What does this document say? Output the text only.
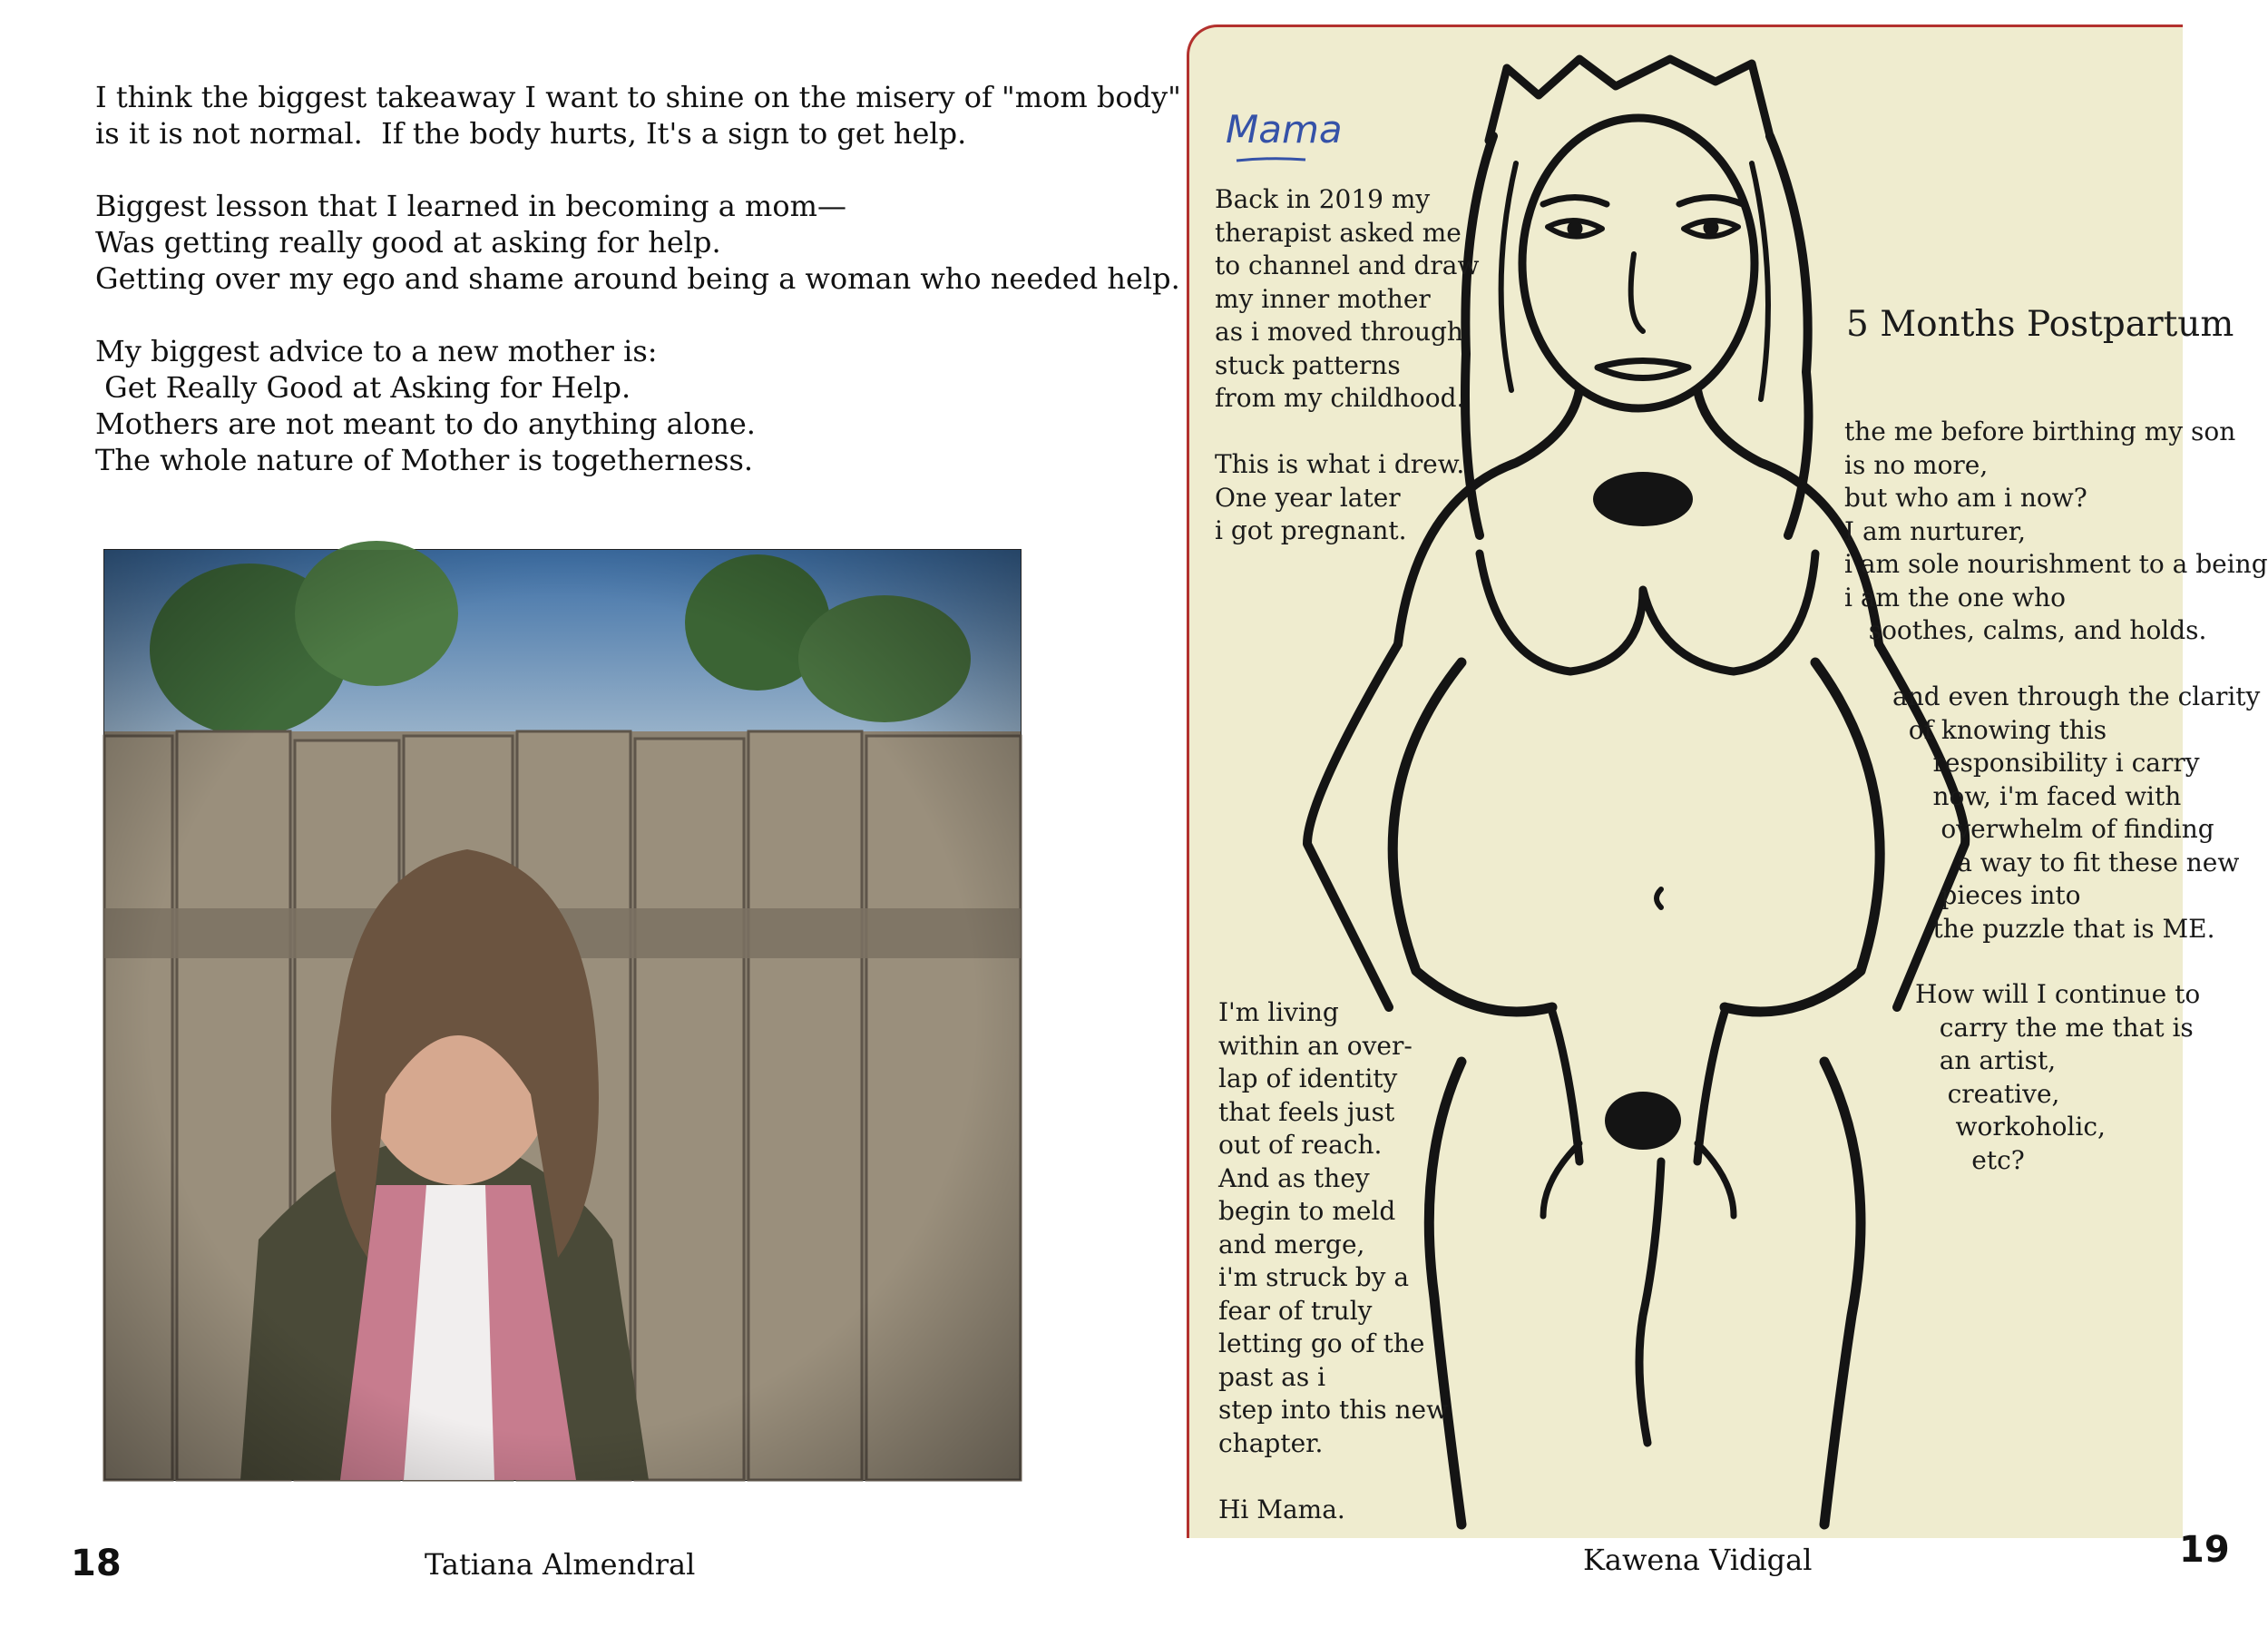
I think the biggest takeaway I want to shine on the misery of "mom body"

is it is not normal.  If the body hurts, It's a sign to get help.

Biggest lesson that I learned in becoming a mom—

Was getting really good at asking for help.

Getting over my ego and shame around being a woman who needed help.

My biggest advice to a new mother is:

Get Really Good at Asking for Help.

Mothers are not meant to do anything alone.

The whole nature of Mother is togetherness.

18	Tatiana Almendral
Mama

Back in 2019 my

therapist asked me

to channel and draw

my inner mother

as i moved through

stuck patterns

from my childhood.

This is what i drew.

One year later

i got pregnant.

5 Months Postpartum

the me before birthing my son

is no more,

but who am i now?

I am nurturer,

i am sole nourishment to a being

i am the one who

soothes, calms, and holds.

and even through the clarity

of knowing this

responsibility i carry

now, i'm faced with

overwhelm of finding

a way to fit these new

pieces into

the puzzle that is ME.

How will I continue to

carry the me that is

an artist,

creative,

workoholic,

etc?

I'm living

within an over-

lap of identity

that feels just

out of reach.

And as they

begin to meld

and merge,

i'm struck by a

fear of truly

letting go of the

past as i

step into this new

chapter.

Hi Mama.

Kawena Vidigal	19
